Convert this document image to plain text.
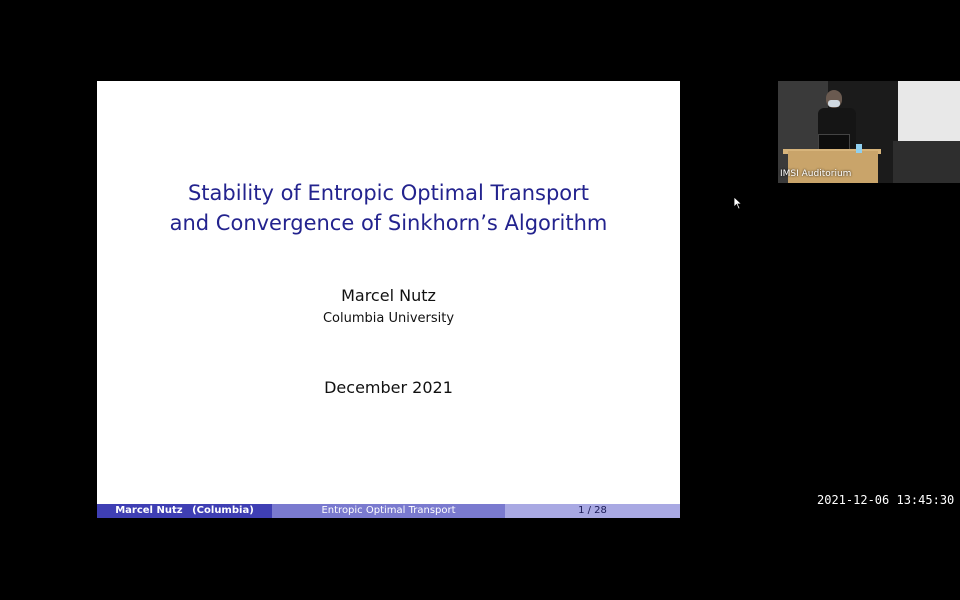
Stability of Entropic Optimal Transport
and Convergence of Sinkhorn’s Algorithm
Marcel Nutz
Columbia University
December 2021
Marcel Nutz (Columbia)	Entropic Optimal Transport	1 / 28
IMSI Auditorium
2021-12-06 13:45:30
